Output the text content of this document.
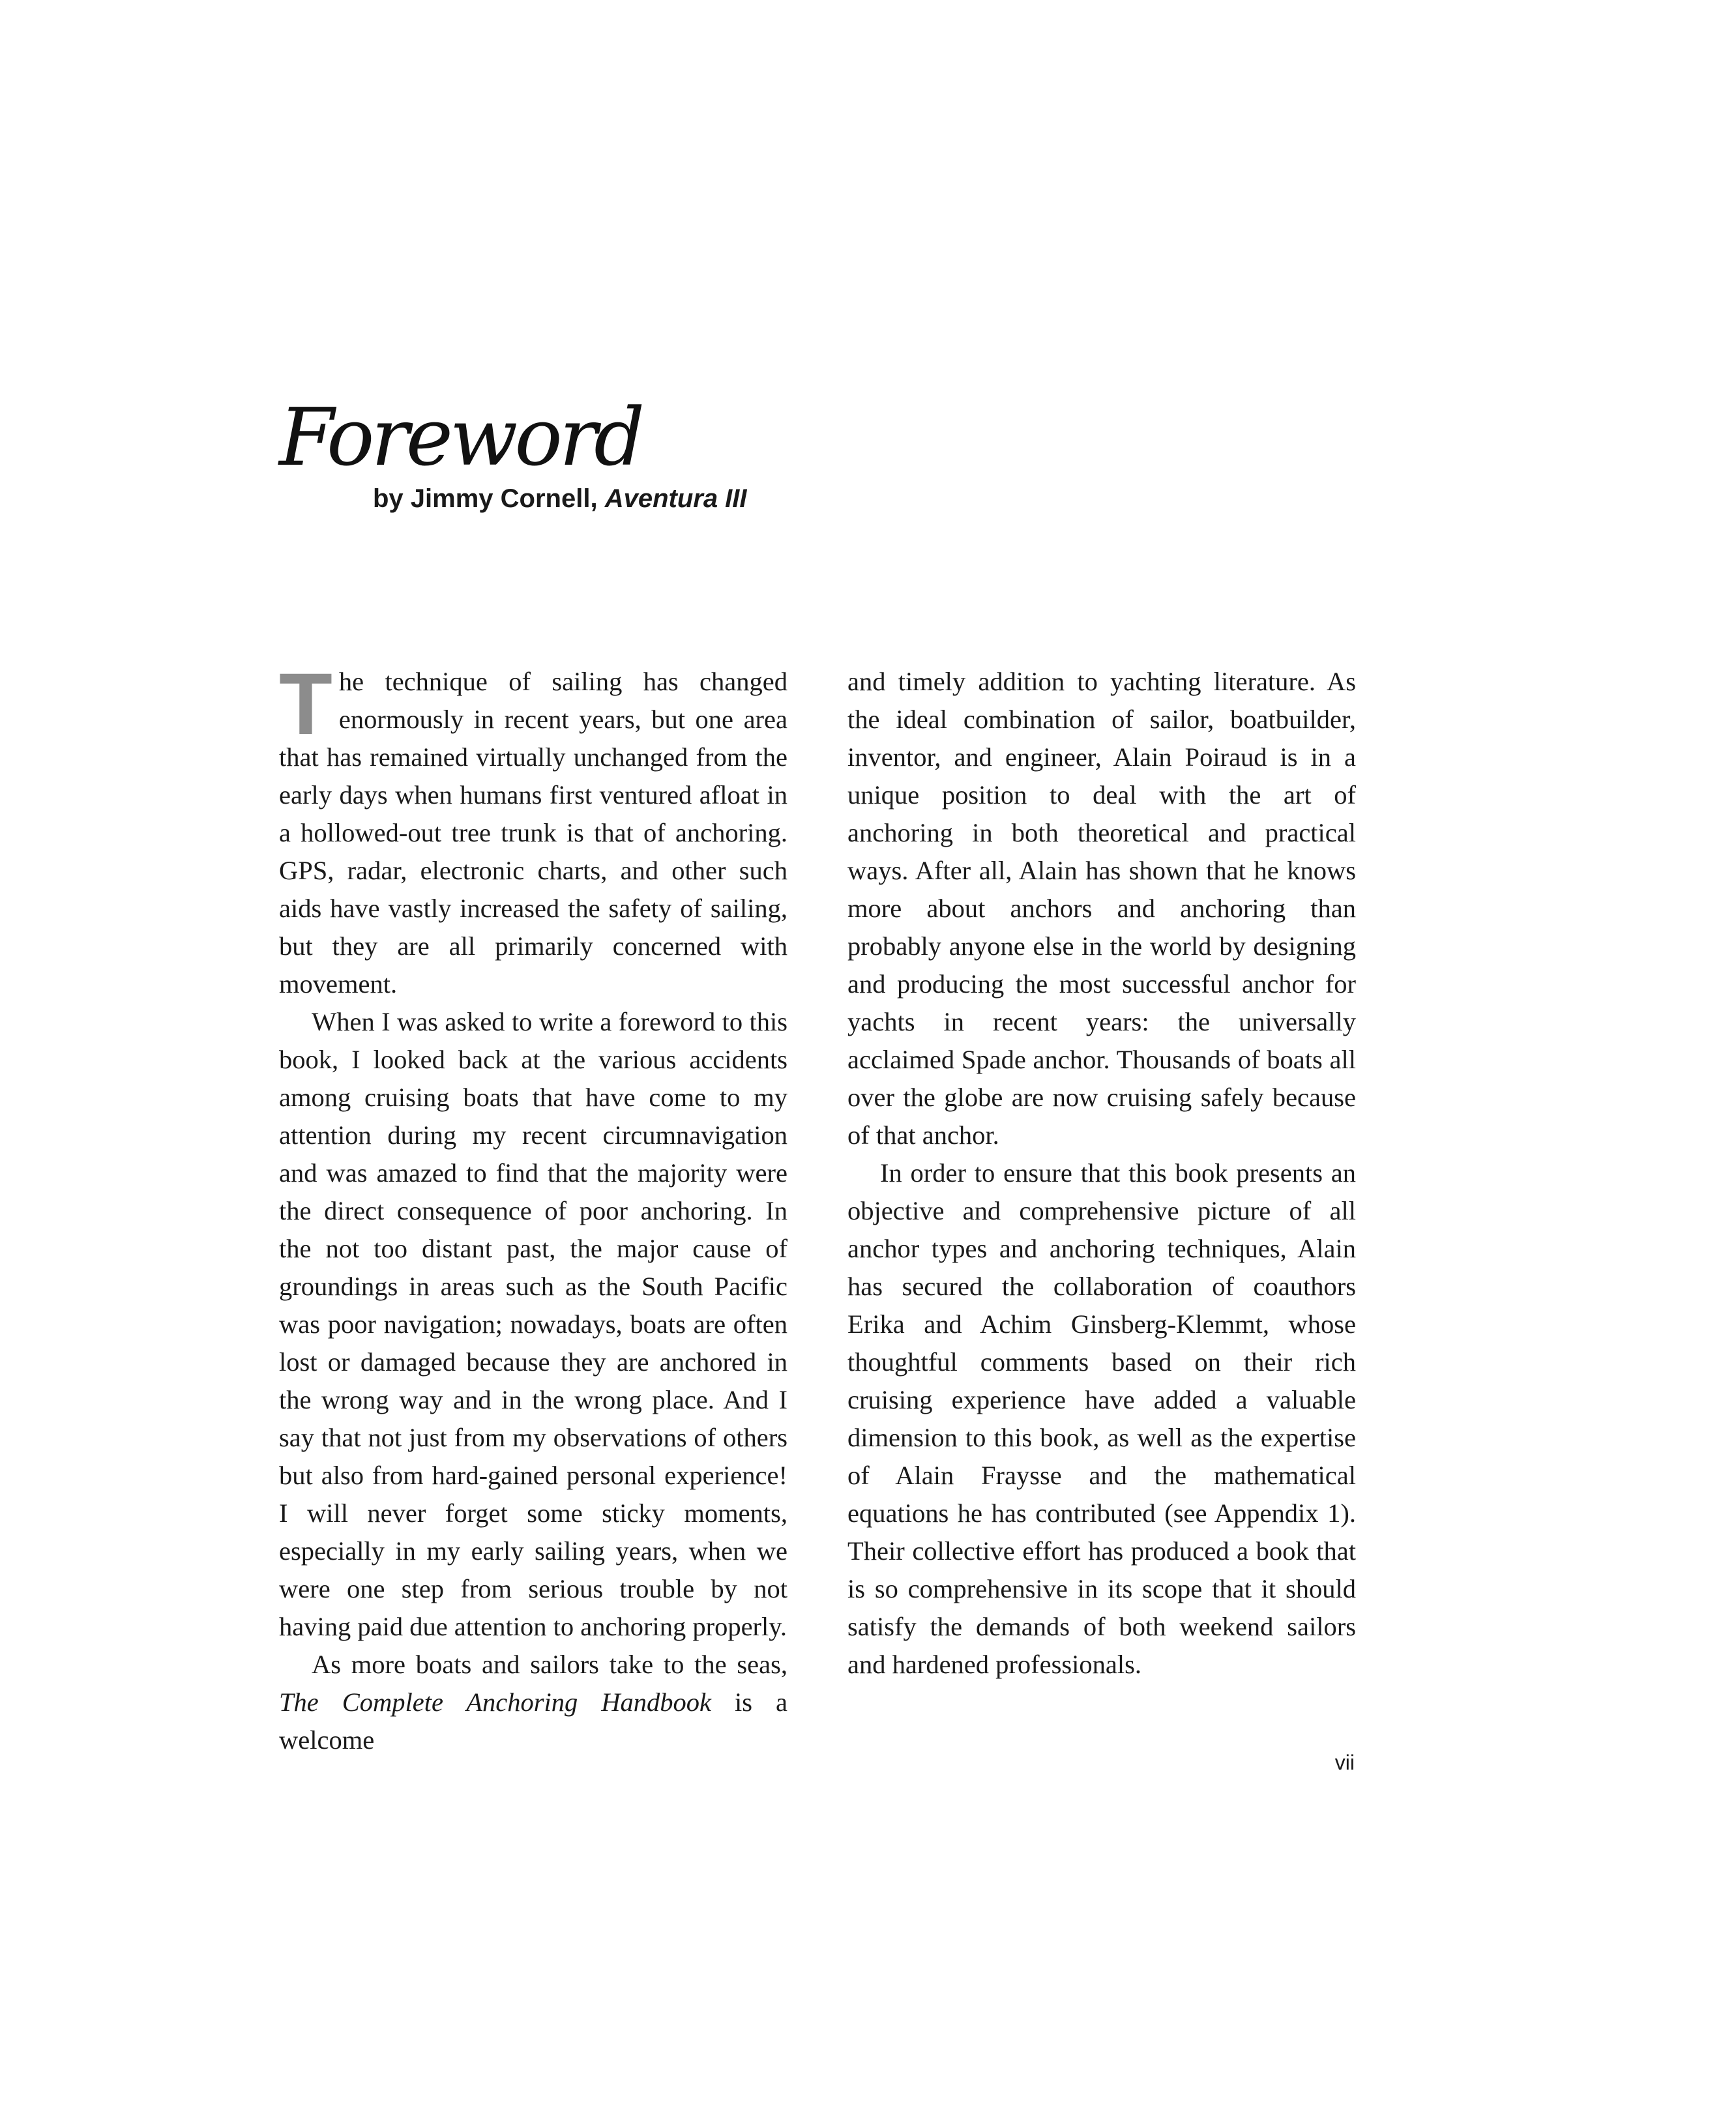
Foreword
by Jimmy Cornell, Aventura III

The technique of sailing has changed enormously in recent years, but one area that has remained virtually unchanged from the early days when humans first ventured afloat in a hollowed-out tree trunk is that of anchoring. GPS, radar, electronic charts, and other such aids have vastly increased the safety of sailing, but they are all primarily concerned with movement.

When I was asked to write a foreword to this book, I looked back at the various accidents among cruising boats that have come to my attention during my recent circumnavigation and was amazed to find that the majority were the direct consequence of poor anchoring. In the not too distant past, the major cause of groundings in areas such as the South Pacific was poor navigation; nowadays, boats are often lost or damaged because they are anchored in the wrong way and in the wrong place. And I say that not just from my observations of others but also from hard-gained personal experience! I will never forget some sticky moments, especially in my early sailing years, when we were one step from serious trouble by not having paid due attention to anchoring properly.

As more boats and sailors take to the seas, The Complete Anchoring Handbook is a welcome

and timely addition to yachting literature. As the ideal combination of sailor, boatbuilder, inventor, and engineer, Alain Poiraud is in a unique position to deal with the art of anchoring in both theoretical and practical ways. After all, Alain has shown that he knows more about anchors and anchoring than probably anyone else in the world by designing and producing the most successful anchor for yachts in recent years: the universally acclaimed Spade anchor. Thousands of boats all over the globe are now cruising safely because of that anchor.

In order to ensure that this book presents an objective and comprehensive picture of all anchor types and anchoring techniques, Alain has secured the collaboration of coauthors Erika and Achim Ginsberg-Klemmt, whose thoughtful comments based on their rich cruising experience have added a valuable dimension to this book, as well as the expertise of Alain Fraysse and the mathematical equations he has contributed (see Appendix 1). Their collective effort has produced a book that is so comprehensive in its scope that it should satisfy the demands of both weekend sailors and hardened professionals.

vii
